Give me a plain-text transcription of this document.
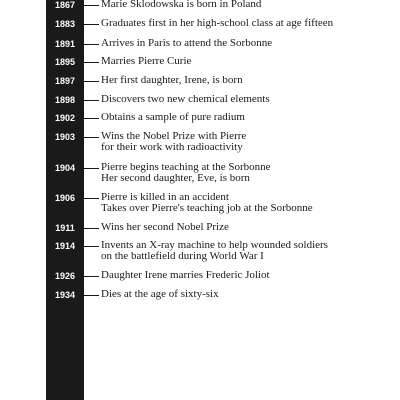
1867	Marie Sklodowska is born in Poland
1883	Graduates first in her high-school class at age fifteen
1891	Arrives in Paris to attend the Sorbonne
1895	Marries Pierre Curie
1897	Her first daughter, Irene, is born
1898	Discovers two new chemical elements
1902	Obtains a sample of pure radium
1903	Wins the Nobel Prize with Pierre
for their work with radioactivity
1904	Pierre begins teaching at the Sorbonne
Her second daughter, Eve, is born
1906	Pierre is killed in an accident
Takes over Pierre's teaching job at the Sorbonne
1911	Wins her second Nobel Prize
1914	Invents an X-ray machine to help wounded soldiers
on the battlefield during World War I
1926	Daughter Irene marries Frederic Joliot
1934	Dies at the age of sixty-six
